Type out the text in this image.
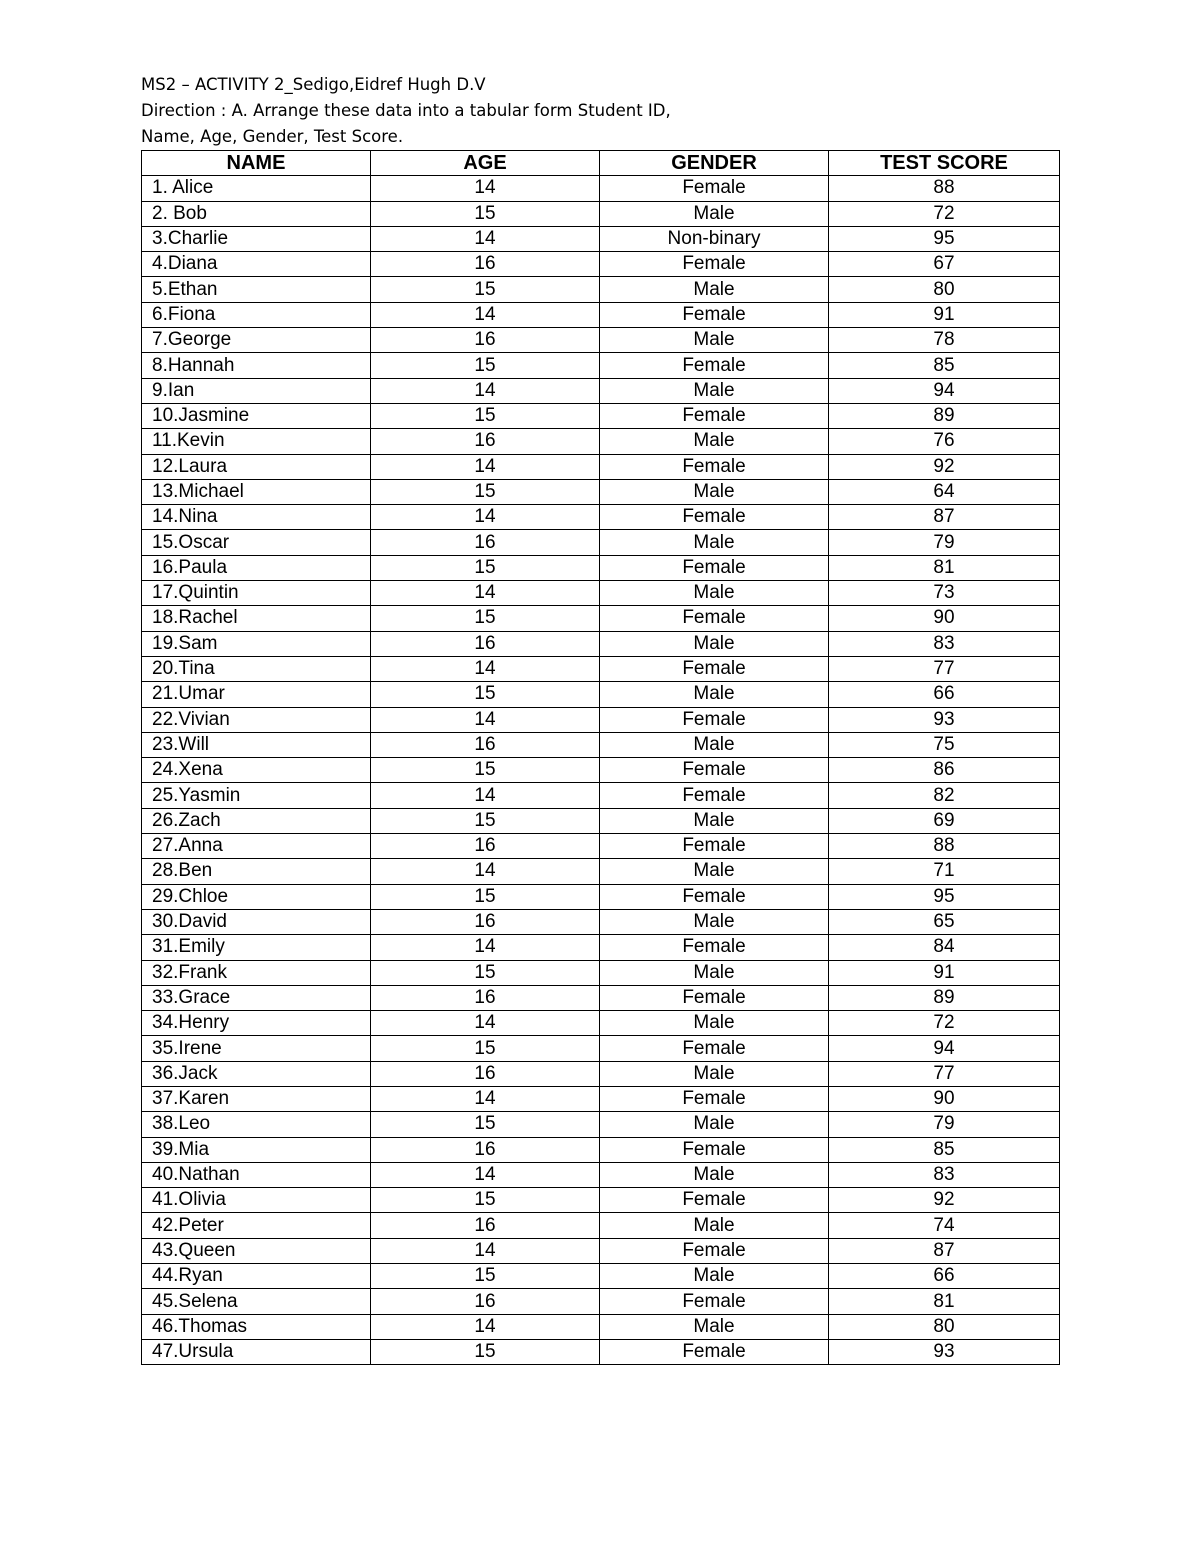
MS2 – ACTIVITY 2_Sedigo,Eidref Hugh D.V
Direction : A. Arrange these data into a tabular form Student ID,
Name, Age, Gender, Test Score.
NAME	AGE	GENDER	TEST SCORE
1. Alice	14	Female	88
2. Bob	15	Male	72
3.Charlie	14	Non-binary	95
4.Diana	16	Female	67
5.Ethan	15	Male	80
6.Fiona	14	Female	91
7.George	16	Male	78
8.Hannah	15	Female	85
9.Ian	14	Male	94
10.Jasmine	15	Female	89
11.Kevin	16	Male	76
12.Laura	14	Female	92
13.Michael	15	Male	64
14.Nina	14	Female	87
15.Oscar	16	Male	79
16.Paula	15	Female	81
17.Quintin	14	Male	73
18.Rachel	15	Female	90
19.Sam	16	Male	83
20.Tina	14	Female	77
21.Umar	15	Male	66
22.Vivian	14	Female	93
23.Will	16	Male	75
24.Xena	15	Female	86
25.Yasmin	14	Female	82
26.Zach	15	Male	69
27.Anna	16	Female	88
28.Ben	14	Male	71
29.Chloe	15	Female	95
30.David	16	Male	65
31.Emily	14	Female	84
32.Frank	15	Male	91
33.Grace	16	Female	89
34.Henry	14	Male	72
35.Irene	15	Female	94
36.Jack	16	Male	77
37.Karen	14	Female	90
38.Leo	15	Male	79
39.Mia	16	Female	85
40.Nathan	14	Male	83
41.Olivia	15	Female	92
42.Peter	16	Male	74
43.Queen	14	Female	87
44.Ryan	15	Male	66
45.Selena	16	Female	81
46.Thomas	14	Male	80
47.Ursula	15	Female	93
